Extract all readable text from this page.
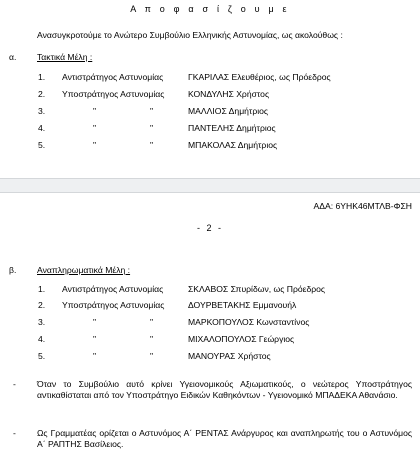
Α π ο φ α σ ί ζ ο υ μ ε
Ανασυγκροτούμε το Ανώτερο Συμβούλιο Ελληνικής Αστυνομίας, ως ακολούθως :
α. Τακτικά Μέλη :
1. Αντιστράτηγος Αστυνομίας	ΓΚΑΡΙΛΑΣ Ελευθέριος, ως Πρόεδρος
2. Υποστράτηγος Αστυνομίας	ΚΟΝΔΥΛΗΣ Χρήστος
3.	"	"	ΜΑΛΛΙΟΣ Δημήτριος
4.	"	"	ΠΑΝΤΕΛΗΣ Δημήτριος
5.	"	"	ΜΠΑΚΟΛΑΣ Δημήτριος
ΑΔΑ: 6ΥΗΚ46ΜΤΛΒ-ΦΣΗ
- 2 -
β. Αναπληρωματικά Μέλη :
1. Αντιστράτηγος Αστυνομίας	ΣΚΛΑΒΟΣ Σπυρίδων, ως Πρόεδρος
2. Υποστράτηγος Αστυνομίας	ΔΟΥΡΒΕΤΑΚΗΣ Εμμανουήλ
3.	"	"	ΜΑΡΚΟΠΟΥΛΟΣ Κωνσταντίνος
4.	"	"	ΜΙΧΑΛΟΠΟΥΛΟΣ Γεώργιος
5.	"	"	ΜΑΝΟΥΡΑΣ Χρήστος
- Όταν το Συμβούλιο αυτό κρίνει Υγειονομικούς Αξιωματικούς, ο νεώτερος Υποστράτηγος αντικαθίσταται από τον Υποστράτηγο Ειδικών Καθηκόντων - Υγειονομικό ΜΠΑΔΕΚΑ Αθανάσιο.
- Ως Γραμματέας ορίζεται ο Αστυνόμος Α΄ ΡΕΝΤΑΣ Ανάργυρος και αναπληρωτής του ο Αστυνόμος Α΄ ΡΑΠΤΗΣ Βασίλειος.
